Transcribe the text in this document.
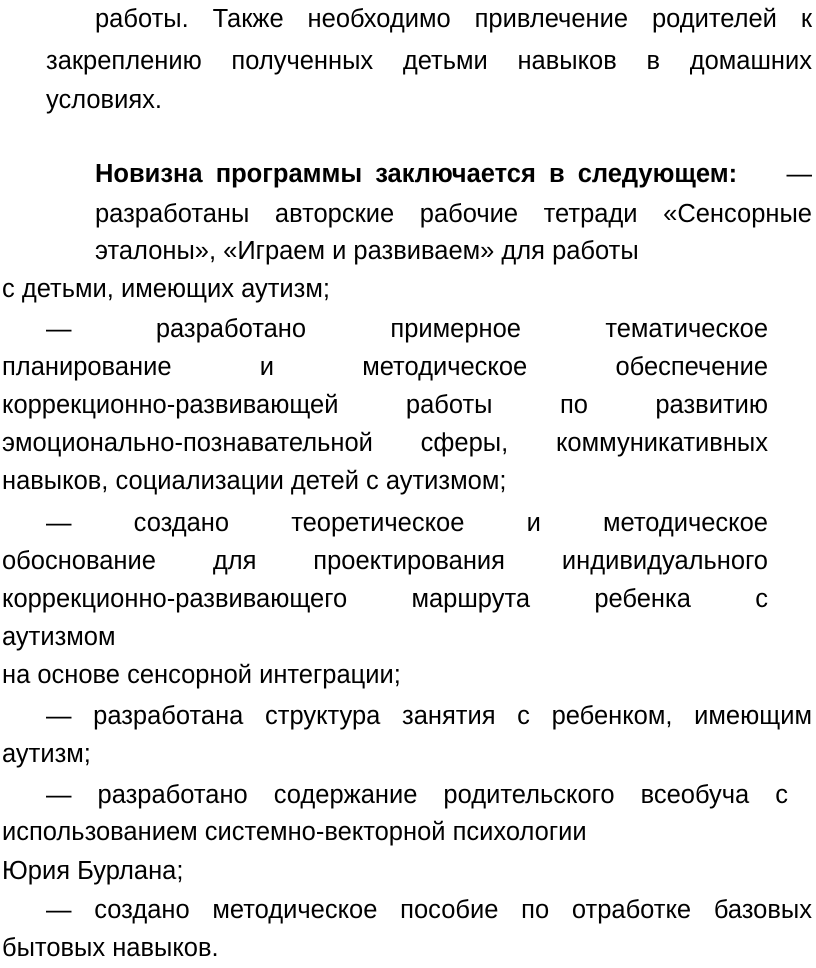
работы. Также необходимо привлечение родителей к
закреплению полученных детьми навыков в домашних
условиях.
Новизна программы заключается в следующем: —
разработаны авторские рабочие тетради «Сенсорные
эталоны», «Играем и развиваем» для работы
с детьми, имеющих аутизм;
— разработано примерное тематическое
планирование и методическое обеспечение
коррекционно-развивающей работы по развитию
эмоционально-познавательной сферы, коммуникативных
навыков, социализации детей с аутизмом;
— создано теоретическое и методическое
обоснование для проектирования индивидуального
коррекционно-развивающего маршрута ребенка с
аутизмом
на основе сенсорной интеграции;
— разработана структура занятия с ребенком, имеющим
аутизм;
— разработано содержание родительского всеобуча с
использованием системно-векторной психологии
Юрия Бурлана;
— создано методическое пособие по отработке базовых
бытовых навыков.
